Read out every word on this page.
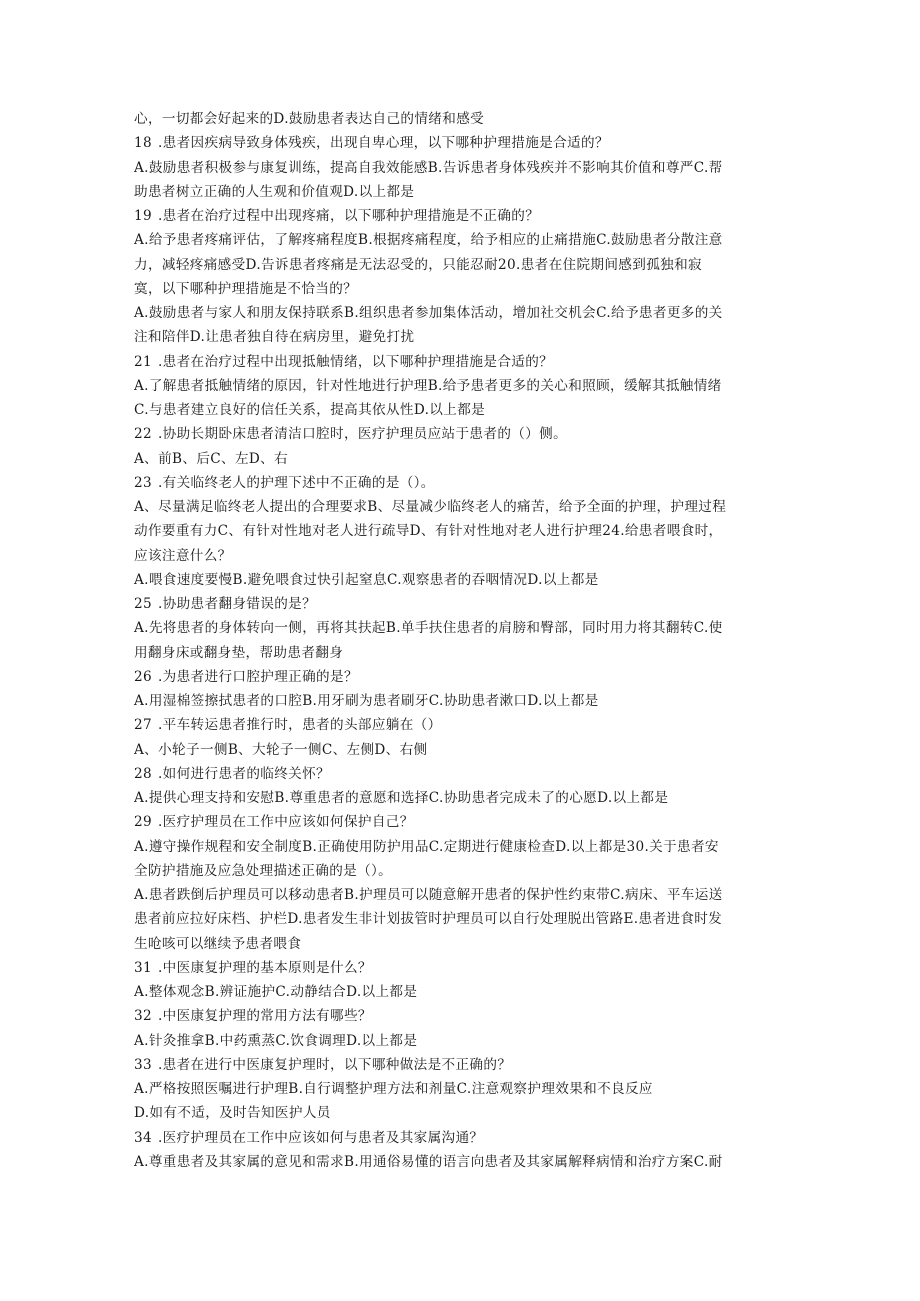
心，一切都会好起来的D.鼓励患者表达自己的情绪和感受
18 .患者因疾病导致身体残疾，出现自卑心理，以下哪种护理措施是合适的？
A.鼓励患者积极参与康复训练，提高自我效能感B.告诉患者身体残疾并不影响其价值和尊严C.帮
助患者树立正确的人生观和价值观D.以上都是
19 .患者在治疗过程中出现疼痛，以下哪种护理措施是不正确的？
A.给予患者疼痛评估，了解疼痛程度B.根据疼痛程度，给予相应的止痛措施C.鼓励患者分散注意
力，减轻疼痛感受D.告诉患者疼痛是无法忍受的，只能忍耐20.患者在住院期间感到孤独和寂
寞，以下哪种护理措施是不恰当的？
A.鼓励患者与家人和朋友保持联系B.组织患者参加集体活动，增加社交机会C.给予患者更多的关
注和陪伴D.让患者独自待在病房里，避免打扰
21 .患者在治疗过程中出现抵触情绪，以下哪种护理措施是合适的？
A.了解患者抵触情绪的原因，针对性地进行护理B.给予患者更多的关心和照顾，缓解其抵触情绪
C.与患者建立良好的信任关系，提高其依从性D.以上都是
22 .协助长期卧床患者清洁口腔时，医疗护理员应站于患者的（）侧。
A、前B、后C、左D、右
23 .有关临终老人的护理下述中不正确的是（）。
A、尽量满足临终老人提出的合理要求B、尽量减少临终老人的痛苦，给予全面的护理，护理过程
动作要重有力C、有针对性地对老人进行疏导D、有针对性地对老人进行护理24.给患者喂食时，
应该注意什么？
A.喂食速度要慢B.避免喂食过快引起窒息C.观察患者的吞咽情况D.以上都是
25 .协助患者翻身错误的是？
A.先将患者的身体转向一侧，再将其扶起B.单手扶住患者的肩膀和臀部，同时用力将其翻转C.使
用翻身床或翻身垫，帮助患者翻身
26 .为患者进行口腔护理正确的是？
A.用湿棉签擦拭患者的口腔B.用牙刷为患者刷牙C.协助患者漱口D.以上都是
27 .平车转运患者推行时，患者的头部应躺在（）
A、小轮子一侧B、大轮子一侧C、左侧D、右侧
28 .如何进行患者的临终关怀？
A.提供心理支持和安慰B.尊重患者的意愿和选择C.协助患者完成未了的心愿D.以上都是
29 .医疗护理员在工作中应该如何保护自己？
A.遵守操作规程和安全制度B.正确使用防护用品C.定期进行健康检查D.以上都是30.关于患者安
全防护措施及应急处理描述正确的是（）。
A.患者跌倒后护理员可以移动患者B.护理员可以随意解开患者的保护性约束带C.病床、平车运送
患者前应拉好床档、护栏D.患者发生非计划拔管时护理员可以自行处理脱出管路E.患者进食时发
生呛咳可以继续予患者喂食
31 .中医康复护理的基本原则是什么？
A.整体观念B.辨证施护C.动静结合D.以上都是
32 .中医康复护理的常用方法有哪些？
A.针灸推拿B.中药熏蒸C.饮食调理D.以上都是
33 .患者在进行中医康复护理时，以下哪种做法是不正确的？
A.严格按照医嘱进行护理B.自行调整护理方法和剂量C.注意观察护理效果和不良反应
D.如有不适，及时告知医护人员
34 .医疗护理员在工作中应该如何与患者及其家属沟通？
A.尊重患者及其家属的意见和需求B.用通俗易懂的语言向患者及其家属解释病情和治疗方案C.耐
